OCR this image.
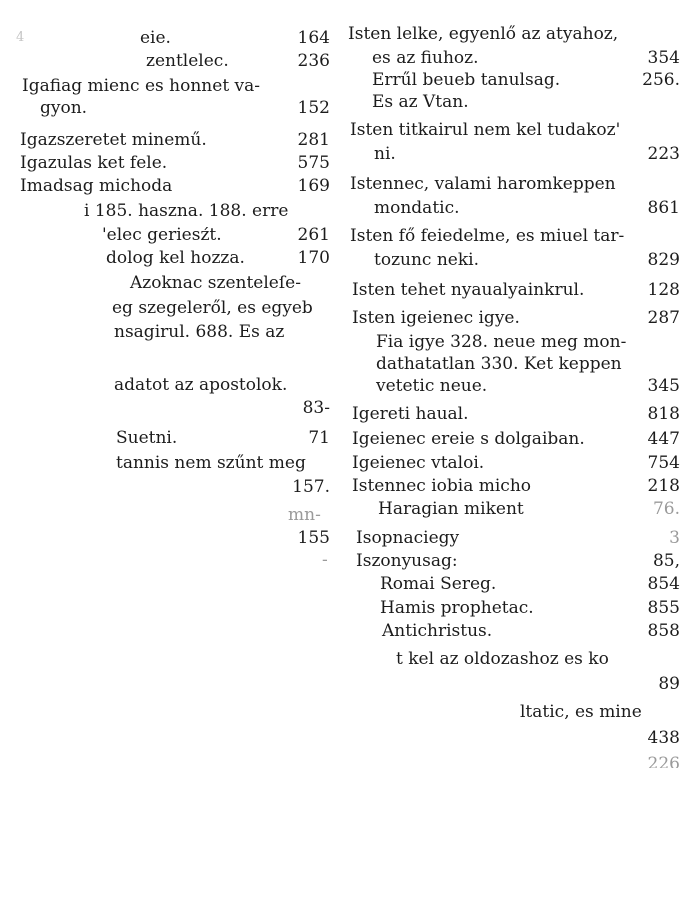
4	eie.	164
zentlelec.	236
Igafiag mienc es honnet va-
gyon.	152
Igazszeretet minemű.	281
Igazulas ket fele.	575
Imadsag michoda	169
i 185. haszna. 188. erre
'elec geriesźt.	261
dolog kel hozza.	170
Azoknac szenteleſe-
eg szegeleről, es egyeb
nsagirul. 688. Es az
adatot az apostolok.
83-
Suetni.	71
tannis nem szűnt meg
157.
mn-
155
-
Isten lelke, egyenlő az atyahoz,
es az fiuhoz.	354
Errűl beueb tanulsag.	256.
Es az Vtan.
Isten titkairul nem kel tudakoz'
ni.	223
Istennec, valami haromkeppen
mondatic.	861
Isten fő feiedelme, es miuel tar-
tozunc neki.	829
Isten tehet nyaualyainkrul.	128
Isten igeienec igye.	287
Fia igye 328. neue meg mon-
dathatatlan 330. Ket keppen
vetetic neue.	345
Igereti haual.	818
Igeienec ereie s dolgaiban.	447
Igeienec vtaloi.	754
Istennec iobia micho	218
Haragian mikent	76.
Isopnaciegy	3
Iszonyusag:	85,
Romai Sereg.	854
Hamis prophetac.	855
Antichristus.	858
t kel az oldozashoz es ko
89
ltatic, es mine
438
226
